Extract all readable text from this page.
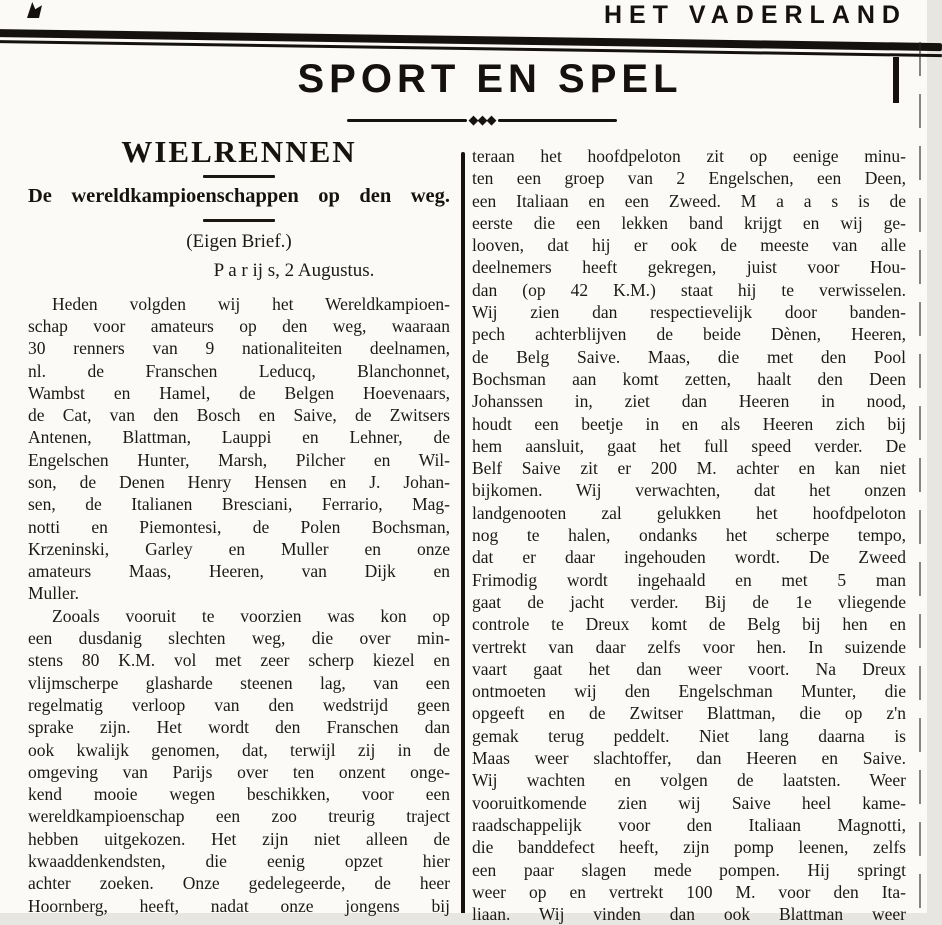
HET VADERLAND
SPORT EN SPEL
◆◆◆
WIELRENNEN
De wereldkampioenschappen op den weg.
(Eigen Brief.)
P a r ij s, 2 Augustus.
Heden volgden wij het Wereldkampioen-
schap voor amateurs op den weg, waaraan
30 renners van 9 nationaliteiten deelnamen,
nl. de Franschen Leducq, Blanchonnet,
Wambst en Hamel, de Belgen Hoevenaars,
de Cat, van den Bosch en Saive, de Zwitsers
Antenen, Blattman, Lauppi en Lehner, de
Engelschen Hunter, Marsh, Pilcher en Wil-
son, de Denen Henry Hensen en J. Johan-
sen, de Italianen Bresciani, Ferrario, Mag-
notti en Piemontesi, de Polen Bochsman,
Krzeninski, Garley en Muller en onze
amateurs Maas, Heeren, van Dijk en
Muller.
Zooals vooruit te voorzien was kon op
een dusdanig slechten weg, die over min-
stens 80 K.M. vol met zeer scherp kiezel en
vlijmscherpe glasharde steenen lag, van een
regelmatig verloop van den wedstrijd geen
sprake zijn. Het wordt den Franschen dan
ook kwalijk genomen, dat, terwijl zij in de
omgeving van Parijs over ten onzent onge-
kend mooie wegen beschikken, voor een
wereldkampioenschap een zoo treurig traject
hebben uitgekozen. Het zijn niet alleen de
kwaaddenkendsten, die eenig opzet hier
achter zoeken. Onze gedelegeerde, de heer
Hoornberg, heeft, nadat onze jongens bij
teraan het hoofdpeloton zit op eenige minu-
ten een groep van 2 Engelschen, een Deen,
een Italiaan en een Zweed. M a a s is de
eerste die een lekken band krijgt en wij ge-
looven, dat hij er ook de meeste van alle
deelnemers heeft gekregen, juist voor Hou-
dan (op 42 K.M.) staat hij te verwisselen.
Wij zien dan respectievelijk door banden-
pech achterblijven de beide Dènen, Heeren,
de Belg Saive. Maas, die met den Pool
Bochsman aan komt zetten, haalt den Deen
Johanssen in, ziet dan Heeren in nood,
houdt een beetje in en als Heeren zich bij
hem aansluit, gaat het full speed verder. De
Belf Saive zit er 200 M. achter en kan niet
bijkomen. Wij verwachten, dat het onzen
landgenooten zal gelukken het hoofdpeloton
nog te halen, ondanks het scherpe tempo,
dat er daar ingehouden wordt. De Zweed
Frimodig wordt ingehaald en met 5 man
gaat de jacht verder. Bij de 1e vliegende
controle te Dreux komt de Belg bij hen en
vertrekt van daar zelfs voor hen. In suizende
vaart gaat het dan weer voort. Na Dreux
ontmoeten wij den Engelschman Munter, die
opgeeft en de Zwitser Blattman, die op z'n
gemak terug peddelt. Niet lang daarna is
Maas weer slachtoffer, dan Heeren en Saive.
Wij wachten en volgen de laatsten. Weer
vooruitkomende zien wij Saive heel kame-
raadschappelijk voor den Italiaan Magnotti,
die banddefect heeft, zijn pomp leenen, zelfs
een paar slagen mede pompen. Hij springt
weer op en vertrekt 100 M. voor den Ita-
liaan. Wij vinden dan ook Blattman weer
